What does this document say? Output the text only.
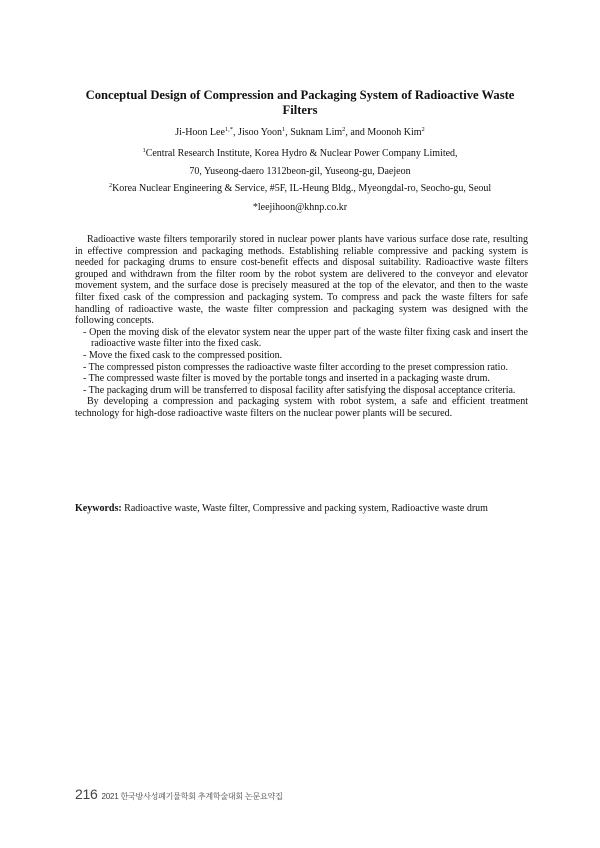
Conceptual Design of Compression and Packaging System of Radioactive Waste Filters

Ji-Hoon Lee$^{1,*}$, Jisoo Yoon$^1$, Suknam Lim$^2$, and Moonoh Kim$^2$

$^1$Central Research Institute, Korea Hydro & Nuclear Power Company Limited,

70, Yuseong-daero 1312beon-gil, Yuseong-gu, Daejeon

$^2$Korea Nuclear Engineering & Service, #5F, IL-Heung Bldg., Myeongdal-ro, Seocho-gu, Seoul

*leejihoon@khnp.co.kr

Radioactive waste filters temporarily stored in nuclear power plants have various surface dose rate, resulting in effective compression and packaging methods. Establishing reliable compressive and packing system is needed for packaging drums to ensure cost-benefit effects and disposal suitability. Radioactive waste filters grouped and withdrawn from the filter room by the robot system are delivered to the conveyor and elevator movement system, and the surface dose is precisely measured at the top of the elevator, and then to the waste filter fixed cask of the compression and packaging system. To compress and pack the waste filters for safe handling of radioactive waste, the waste filter compression and packaging system was designed with the following concepts.

- Open the moving disk of the elevator system near the upper part of the waste filter fixing cask and insert the radioactive waste filter into the fixed cask.
- Move the fixed cask to the compressed position.
- The compressed piston compresses the radioactive waste filter according to the preset compression ratio.
- The compressed waste filter is moved by the portable tongs and inserted in a packaging waste drum.
- The packaging drum will be transferred to disposal facility after satisfying the disposal acceptance criteria.

By developing a compression and packaging system with robot system, a safe and efficient treatment technology for high-dose radioactive waste filters on the nuclear power plants will be secured.

Keywords: Radioactive waste, Waste filter, Compressive and packing system, Radioactive waste drum

216 2021 한국방사성폐기물학회 추계학술대회 논문요약집
